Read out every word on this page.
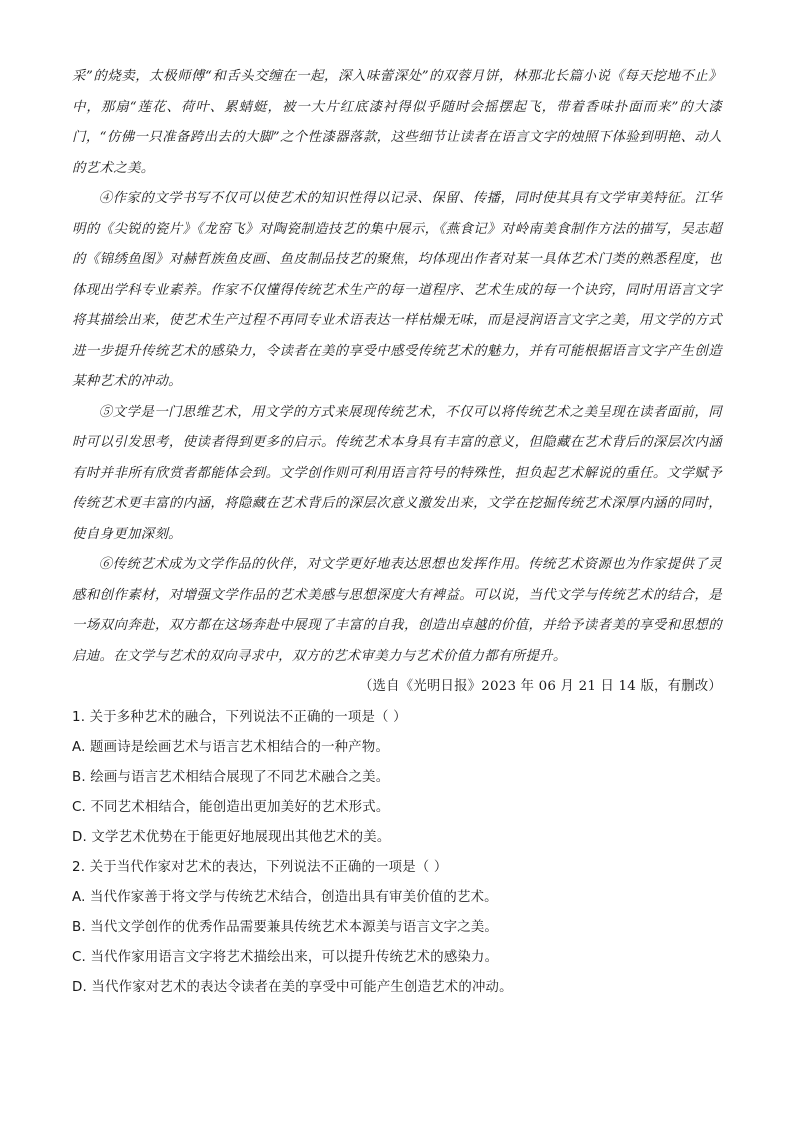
采”的烧卖，太极师傅“和舌头交缠在一起，深入味蕾深处”的双蓉月饼，林那北长篇小说《每天挖地不止》中，那扇“莲花、荷叶、累蜻蜓，被一大片红底漆衬得似乎随时会摇摆起飞，带着香味扑面而来”的大漆门，“仿佛一只准备跨出去的大脚”之个性漆器落款，这些细节让读者在语言文字的烛照下体验到明艳、动人的艺术之美。

④作家的文学书写不仅可以使艺术的知识性得以记录、保留、传播，同时使其具有文学审美特征。江华明的《尖锐的瓷片》《龙窑飞》对陶瓷制造技艺的集中展示，《燕食记》对岭南美食制作方法的描写，吴志超的《锦绣鱼图》对赫哲族鱼皮画、鱼皮制品技艺的聚焦，均体现出作者对某一具体艺术门类的熟悉程度，也体现出学科专业素养。作家不仅懂得传统艺术生产的每一道程序、艺术生成的每一个诀窍，同时用语言文字将其描绘出来，使艺术生产过程不再同专业术语表达一样枯燥无味，而是浸润语言文字之美，用文学的方式进一步提升传统艺术的感染力，令读者在美的享受中感受传统艺术的魅力，并有可能根据语言文字产生创造某种艺术的冲动。

⑤文学是一门思维艺术，用文学的方式来展现传统艺术，不仅可以将传统艺术之美呈现在读者面前，同时可以引发思考，使读者得到更多的启示。传统艺术本身具有丰富的意义，但隐藏在艺术背后的深层次内涵有时并非所有欣赏者都能体会到。文学创作则可利用语言符号的特殊性，担负起艺术解说的重任。文学赋予传统艺术更丰富的内涵，将隐藏在艺术背后的深层次意义激发出来，文学在挖掘传统艺术深厚内涵的同时，使自身更加深刻。

⑥传统艺术成为文学作品的伙伴，对文学更好地表达思想也发挥作用。传统艺术资源也为作家提供了灵感和创作素材，对增强文学作品的艺术美感与思想深度大有裨益。可以说，当代文学与传统艺术的结合，是一场双向奔赴，双方都在这场奔赴中展现了丰富的自我，创造出卓越的价值，并给予读者美的享受和思想的启迪。在文学与艺术的双向寻求中，双方的艺术审美力与艺术价值力都有所提升。

（选自《光明日报》2023 年 06 月 21 日 14 版，有删改）

1. 关于多种艺术的融合，下列说法不正确的一项是（ ）

A. 题画诗是绘画艺术与语言艺术相结合的一种产物。

B. 绘画与语言艺术相结合展现了不同艺术融合之美。

C. 不同艺术相结合，能创造出更加美好的艺术形式。

D. 文学艺术优势在于能更好地展现出其他艺术的美。

2. 关于当代作家对艺术的表达，下列说法不正确的一项是（ ）

A. 当代作家善于将文学与传统艺术结合，创造出具有审美价值的艺术。

B. 当代文学创作的优秀作品需要兼具传统艺术本源美与语言文字之美。

C. 当代作家用语言文字将艺术描绘出来，可以提升传统艺术的感染力。

D. 当代作家对艺术的表达令读者在美的享受中可能产生创造艺术的冲动。
